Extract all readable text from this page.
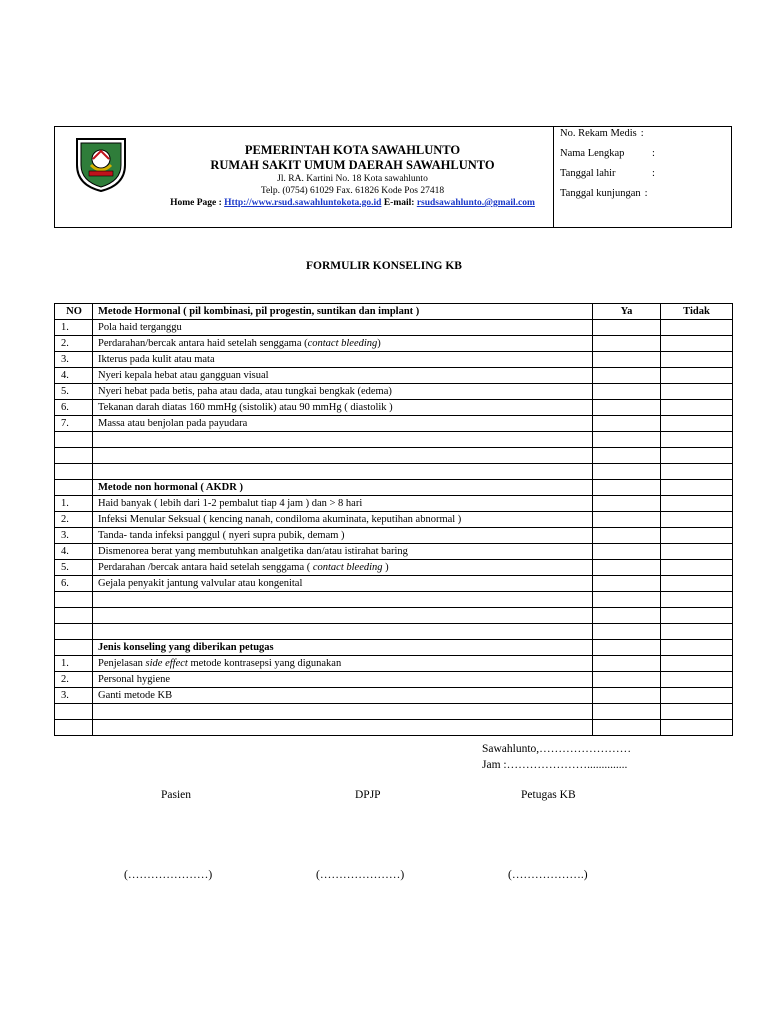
PEMERINTAH KOTA SAWAHLUNTO
RUMAH SAKIT UMUM DAERAH SAWAHLUNTO
Jl. RA. Kartini No. 18 Kota sawahlunto
Telp. (0754) 61029 Fax. 61826 Kode Pos 27418
Home Page : Http://www.rsud.sawahluntokota.go.id E-mail: rsudsawahlunto.@gmail.com
No. Rekam Medis :
Nama Lengkap	:
Tanggal lahir	:
Tanggal kunjungan :
FORMULIR KONSELING KB
NO	Metode Hormonal ( pil kombinasi, pil progestin, suntikan dan implant )	Ya	Tidak
1.	Pola haid terganggu		
2.	Perdarahan/bercak antara haid setelah senggama (contact bleeding)		
3.	Ikterus pada kulit atau mata		
4.	Nyeri kepala hebat atau gangguan visual		
5.	Nyeri hebat pada betis, paha atau dada, atau tungkai bengkak (edema)		
6.	Tekanan darah diatas 160 mmHg (sistolik) atau 90 mmHg ( diastolik )		
7.	Massa atau benjolan pada payudara		

	Metode non hormonal ( AKDR )		
1.	Haid banyak ( lebih dari 1-2 pembalut tiap 4 jam ) dan > 8 hari		
2.	Infeksi Menular Seksual ( kencing nanah, condiloma akuminata, keputihan abnormal )		
3.	Tanda- tanda infeksi panggul ( nyeri supra pubik, demam )		
4.	Dismenorea berat yang membutuhkan analgetika dan/atau istirahat baring		
5.	Perdarahan /bercak antara haid setelah senggama ( contact bleeding )		
6.	Gejala penyakit jantung valvular atau kongenital		

	Jenis konseling yang diberikan petugas		
1.	Penjelasan side effect metode kontrasepsi yang digunakan		
2.	Personal hygiene		
3.	Ganti metode KB		

Sawahlunto,……………………
Jam :…………………..............
Pasien	DPJP	Petugas KB
(…………………)	(…………………)	(……………….)
